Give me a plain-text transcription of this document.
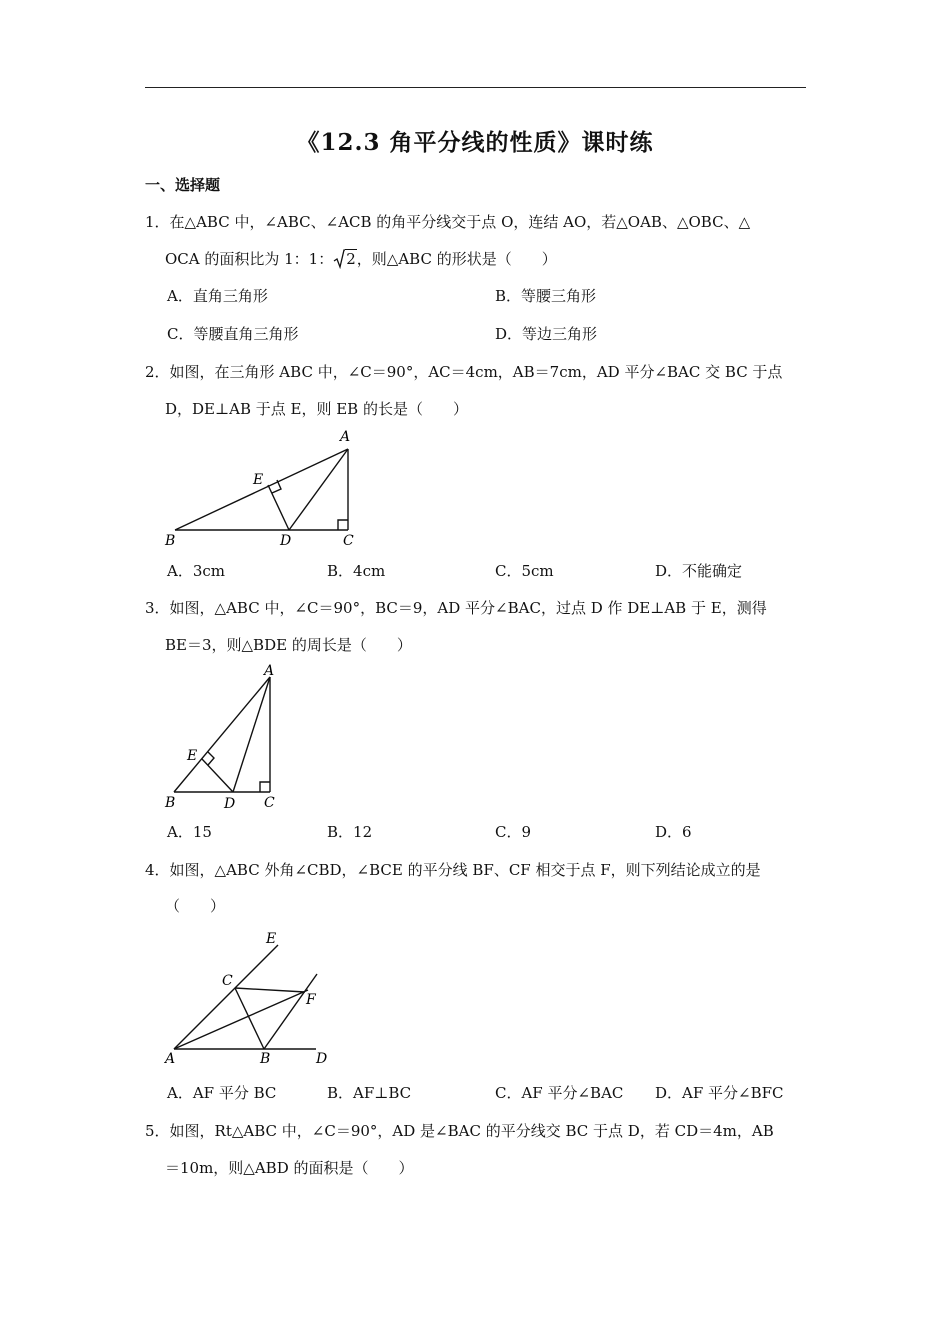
《12.3 角平分线的性质》课时练
一、选择题
1．在△ABC 中，∠ABC、∠ACB 的角平分线交于点 O，连结 AO，若△OAB、△OBC、△
OCA 的面积比为 1：1： 2，则△ABC 的形状是（　　）
A．直角三角形	B．等腰三角形
C．等腰直角三角形	D．等边三角形
2．如图，在三角形 ABC 中，∠C＝90°，AC＝4cm，AB＝7cm，AD 平分∠BAC 交 BC 于点
D，DE⊥AB 于点 E，则 EB 的长是（　　）
A
B	C
D
E
A．3cm	B．4cm	C．5cm	D．不能确定
3．如图，△ABC 中，∠C＝90°，BC＝9，AD 平分∠BAC，过点 D 作 DE⊥AB 于 E，测得
BE＝3，则△BDE 的周长是（　　）
A
B	C
D
E
A．15	B．12	C．9	D．6
4．如图，△ABC 外角∠CBD，∠BCE 的平分线 BF、CF 相交于点 F，则下列结论成立的是
（　　）
E
C
F
A	B	D
A．AF 平分 BC	B．AF⊥BC	C．AF 平分∠BAC D．AF 平分∠BFC
5．如图，Rt△ABC 中，∠C＝90°，AD 是∠BAC 的平分线交 BC 于点 D，若 CD＝4m，AB
＝10m，则△ABD 的面积是（　　）
